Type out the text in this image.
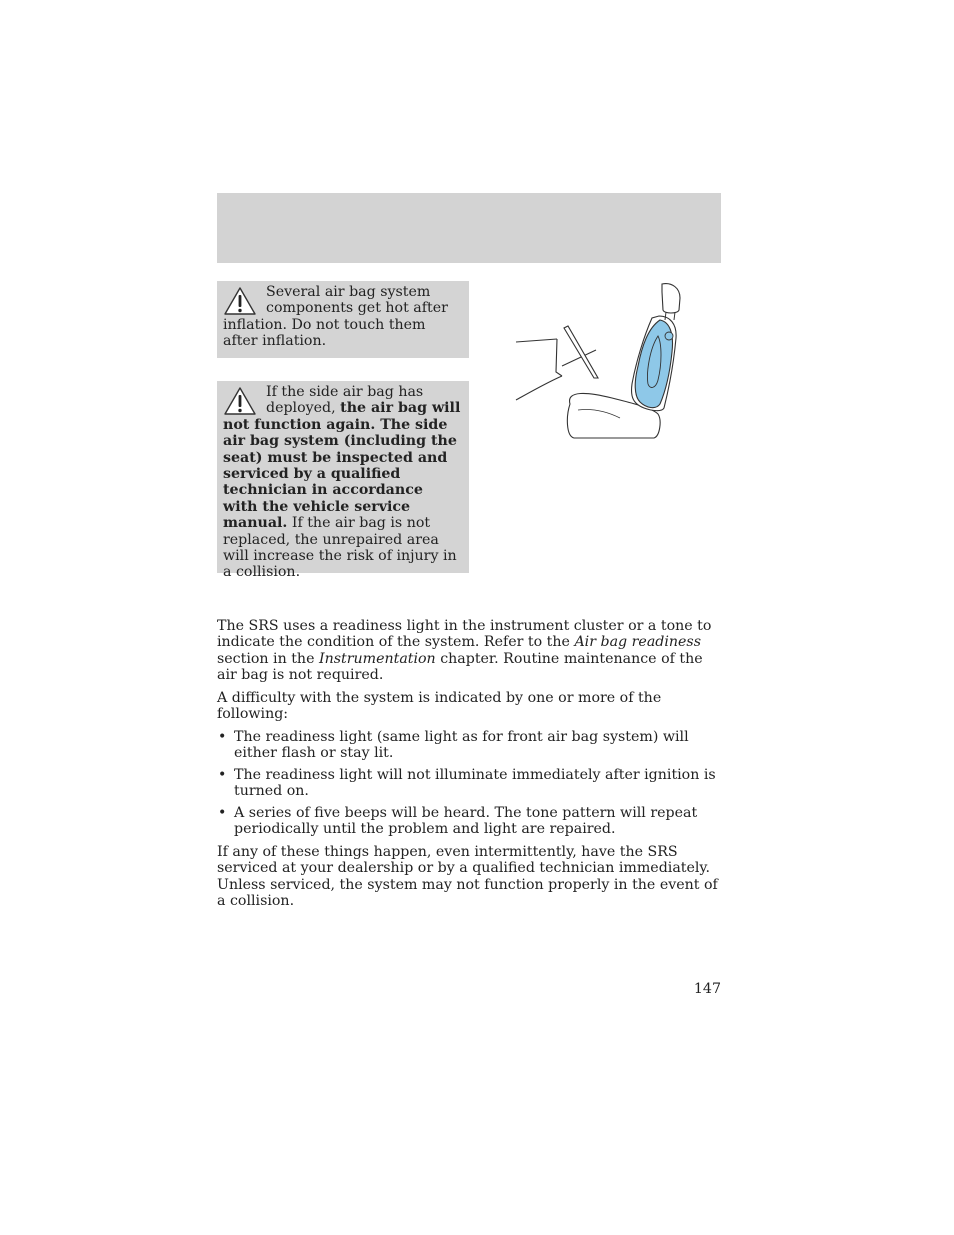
Several air bag system components get hot after inflation. Do not touch them after inflation.
If the side air bag has deployed, the air bag will not function again. The side air bag system (including the seat) must be inspected and serviced by a qualified technician in accordance with the vehicle service manual. If the air bag is not replaced, the unrepaired area will increase the risk of injury in a collision.

The SRS uses a readiness light in the instrument cluster or a tone to indicate the condition of the system. Refer to the Air bag readiness section in the Instrumentation chapter. Routine maintenance of the air bag is not required.

A difficulty with the system is indicated by one or more of the following:

• The readiness light (same light as for front air bag system) will either flash or stay lit.
• The readiness light will not illuminate immediately after ignition is turned on.
• A series of five beeps will be heard. The tone pattern will repeat periodically until the problem and light are repaired.

If any of these things happen, even intermittently, have the SRS serviced at your dealership or by a qualified technician immediately. Unless serviced, the system may not function properly in the event of a collision.

147
